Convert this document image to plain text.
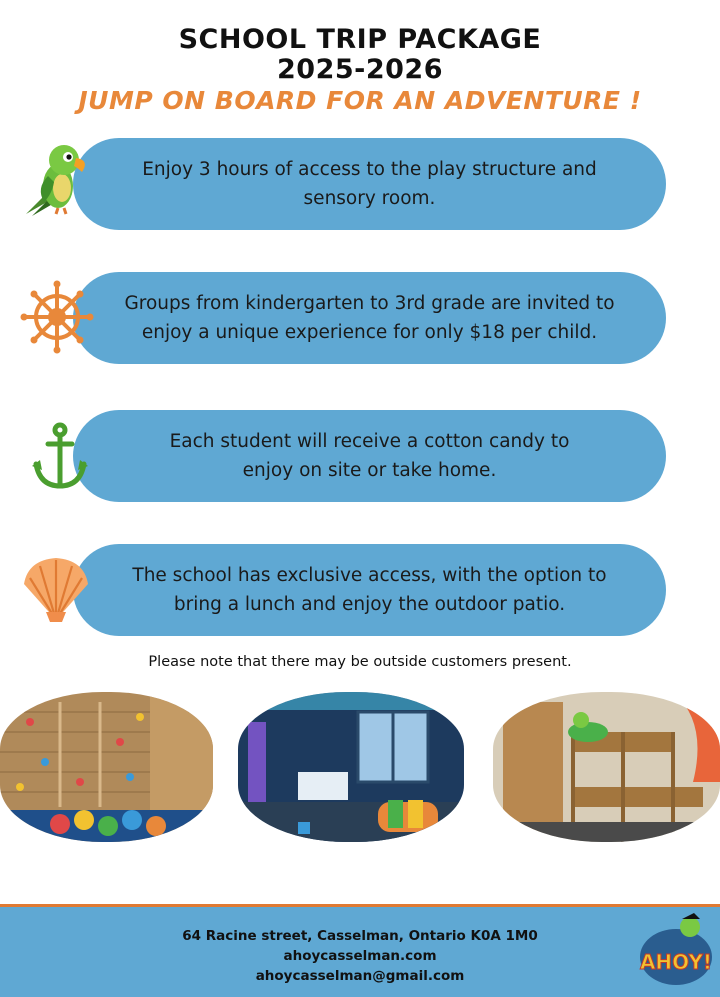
SCHOOL TRIP PACKAGE
2025-2026
JUMP ON BOARD FOR AN ADVENTURE !
Enjoy 3 hours of access to the play structure and
sensory room.
Groups from kindergarten to 3rd grade are invited to
enjoy a unique experience for only $18 per child.
Each student will receive a cotton candy to
enjoy on site or take home.
The school has exclusive access, with the option to
bring a lunch and enjoy the outdoor patio.
Please note that there may be outside customers present.
64 Racine street, Casselman, Ontario K0A 1M0
ahoycasselman.com
ahoycasselman@gmail.com
AHOY!
